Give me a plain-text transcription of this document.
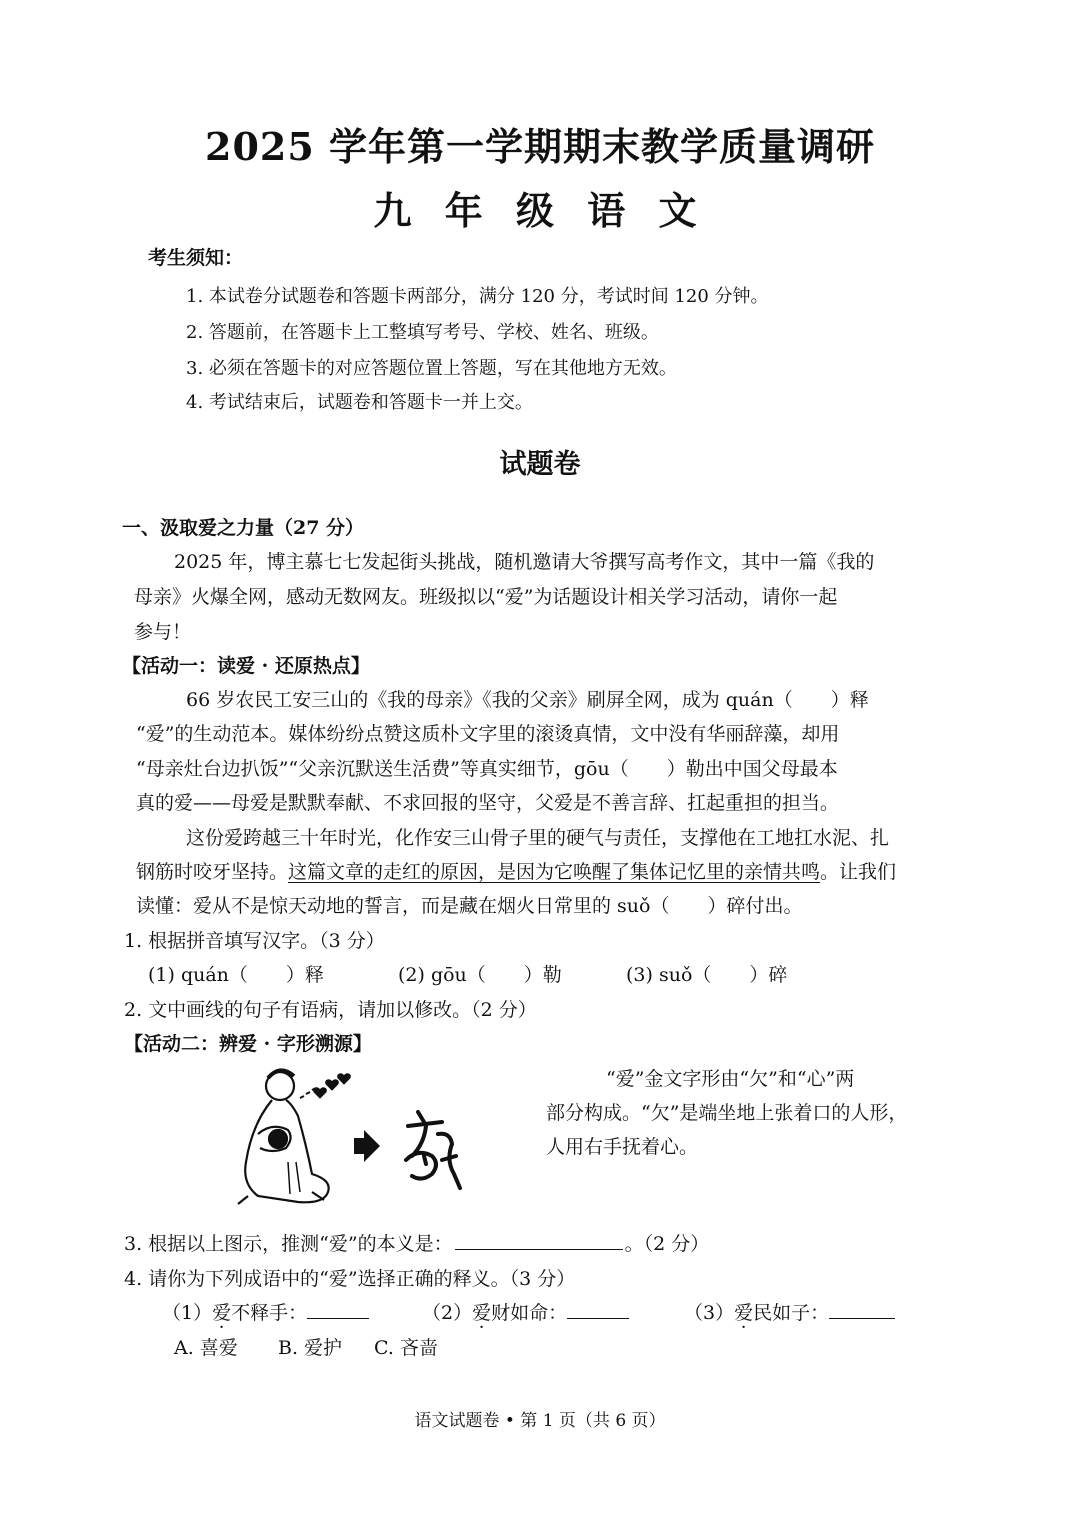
2025 学年第一学期期末教学质量调研
九 年 级 语 文
考生须知：
1. 本试卷分试题卷和答题卡两部分，满分 120 分，考试时间 120 分钟。
2. 答题前，在答题卡上工整填写考号、学校、姓名、班级。
3. 必须在答题卡的对应答题位置上答题，写在其他地方无效。
4. 考试结束后，试题卷和答题卡一并上交。
试题卷
一、汲取爱之力量（27 分）
2025 年，博主慕七七发起街头挑战，随机邀请大爷撰写高考作文，其中一篇《我的
母亲》火爆全网，感动无数网友。班级拟以“爱”为话题设计相关学习活动，请你一起
参与！
【活动一：读爱 · 还原热点】
66 岁农民工安三山的《我的母亲》《我的父亲》刷屏全网，成为 quán（　　）释
“爱”的生动范本。媒体纷纷点赞这质朴文字里的滚烫真情，文中没有华丽辞藻，却用
“母亲灶台边扒饭”“父亲沉默送生活费”等真实细节，gōu（　　）勒出中国父母最本
真的爱——母爱是默默奉献、不求回报的坚守，父爱是不善言辞、扛起重担的担当。
这份爱跨越三十年时光，化作安三山骨子里的硬气与责任，支撑他在工地扛水泥、扎
钢筋时咬牙坚持。这篇文章的走红的原因，是因为它唤醒了集体记忆里的亲情共鸣。让我们
读懂：爱从不是惊天动地的誓言，而是藏在烟火日常里的 suǒ（　　）碎付出。
1. 根据拼音填写汉字。（3 分）
(1) quán（　　）释	(2) gōu（　　）勒	(3) suǒ（　　）碎
2. 文中画线的句子有语病，请加以修改。（2 分）
【活动二：辨爱 · 字形溯源】
“爱”金文字形由“欠”和“心”两
部分构成。“欠”是端坐地上张着口的人形，
人用右手抚着心。
3. 根据以上图示，推测“爱”的本义是：	。（2 分）
4. 请你为下列成语中的“爱”选择正确的释义。（3 分）
（1）爱不释手：	（2）爱财如命：	（3）爱民如子：
A. 喜爱 B. 爱护 C. 吝啬
语文试题卷 • 第 1 页（共 6 页）
